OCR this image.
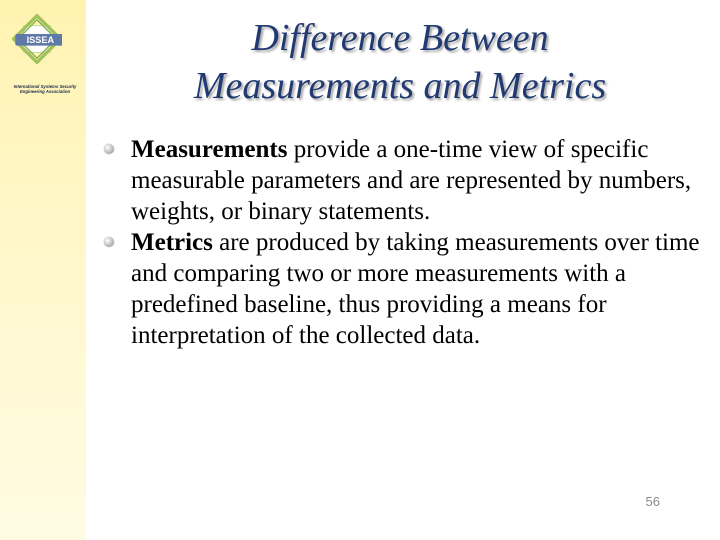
ISSEA
International Systems Security
Engineering Association
Difference Between
Measurements and Metrics
Measurements provide a one-time view of specific measurable parameters and are represented by numbers, weights, or binary statements.
Metrics are produced by taking measurements over time and comparing two or more measurements with a predefined baseline, thus providing a means for interpretation of the collected data.
56
